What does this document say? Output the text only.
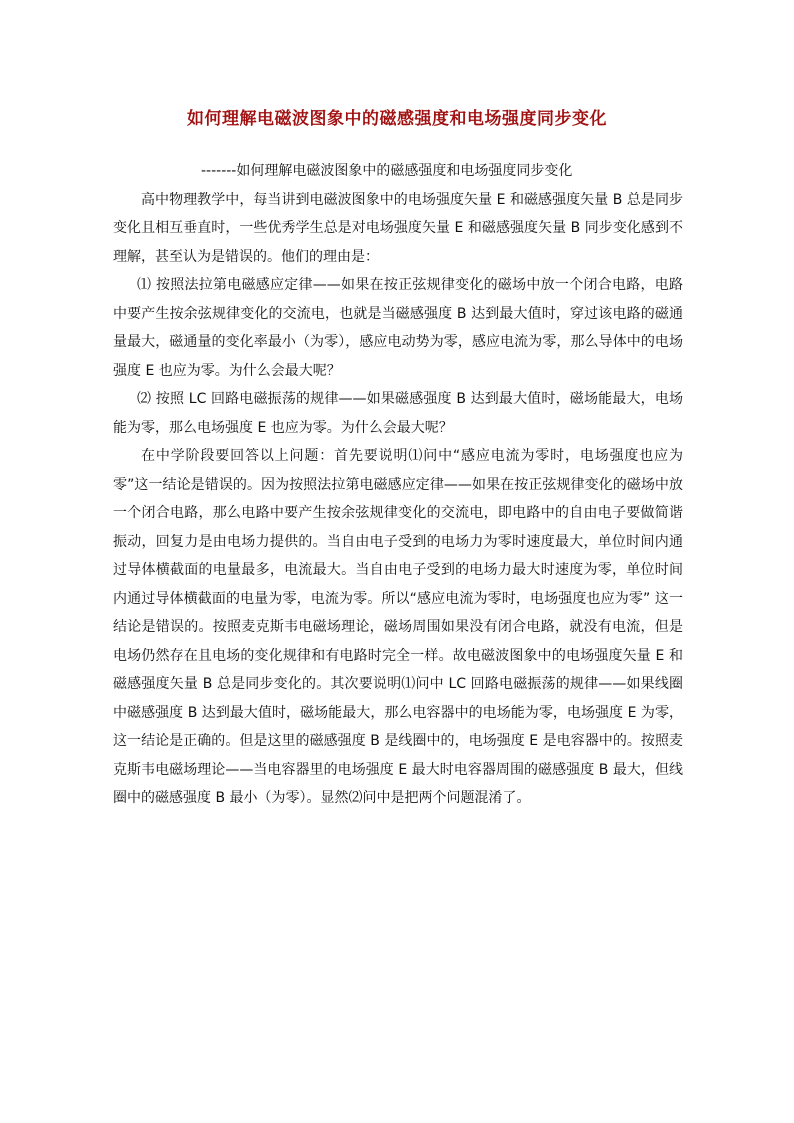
如何理解电磁波图象中的磁感强度和电场强度同步变化

-------如何理解电磁波图象中的磁感强度和电场强度同步变化

高中物理教学中，每当讲到电磁波图象中的电场强度矢量 E 和磁感强度矢量 B 总是同步变化且相互垂直时，一些优秀学生总是对电场强度矢量 E 和磁感强度矢量 B 同步变化感到不理解，甚至认为是错误的。他们的理由是：

⑴ 按照法拉第电磁感应定律——如果在按正弦规律变化的磁场中放一个闭合电路，电路中要产生按余弦规律变化的交流电，也就是当磁感强度 B 达到最大值时，穿过该电路的磁通量最大，磁通量的变化率最小（为零），感应电动势为零，感应电流为零，那么导体中的电场强度 E 也应为零。为什么会最大呢？

⑵ 按照 LC 回路电磁振荡的规律——如果磁感强度 B 达到最大值时，磁场能最大，电场能为零，那么电场强度 E 也应为零。为什么会最大呢？

在中学阶段要回答以上问题：首先要说明⑴问中“感应电流为零时，电场强度也应为零”这一结论是错误的。因为按照法拉第电磁感应定律——如果在按正弦规律变化的磁场中放一个闭合电路，那么电路中要产生按余弦规律变化的交流电，即电路中的自由电子要做简谐振动，回复力是由电场力提供的。当自由电子受到的电场力为零时速度最大，单位时间内通过导体横截面的电量最多，电流最大。当自由电子受到的电场力最大时速度为零，单位时间内通过导体横截面的电量为零，电流为零。所以“感应电流为零时，电场强度也应为零” 这一结论是错误的。按照麦克斯韦电磁场理论，磁场周围如果没有闭合电路，就没有电流，但是电场仍然存在且电场的变化规律和有电路时完全一样。故电磁波图象中的电场强度矢量 E 和磁感强度矢量 B 总是同步变化的。其次要说明⑴问中 LC 回路电磁振荡的规律——如果线圈中磁感强度 B 达到最大值时，磁场能最大，那么电容器中的电场能为零，电场强度 E 为零，这一结论是正确的。但是这里的磁感强度 B 是线圈中的，电场强度 E 是电容器中的。按照麦克斯韦电磁场理论——当电容器里的电场强度 E 最大时电容器周围的磁感强度 B 最大，但线圈中的磁感强度 B 最小（为零）。显然⑵问中是把两个问题混淆了。
